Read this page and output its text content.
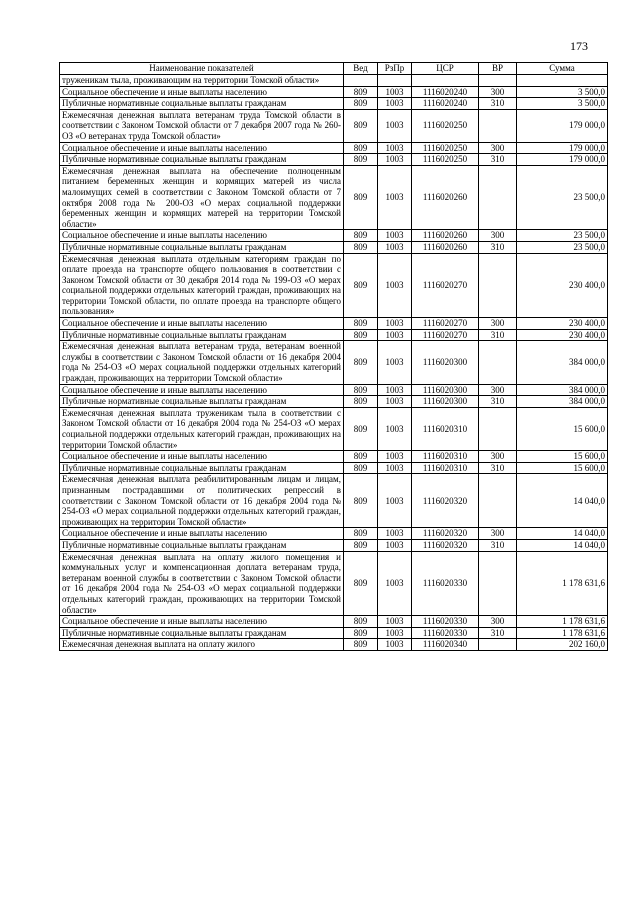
173
Наименование показателей	Вед	РзПр	ЦСР	ВР	Сумма
труженикам тыла, проживающим на территории Томской области»					
Социальное обеспечение и иные выплаты населению	809	1003	1116020240	300	3 500,0
Публичные нормативные социальные выплаты гражданам	809	1003	1116020240	310	3 500,0
Ежемесячная денежная выплата ветеранам труда Томской области в соответствии с Законом Томской области от 7 декабря 2007 года № 260-ОЗ «О ветеранах труда Томской области»	809	1003	1116020250		179 000,0
Социальное обеспечение и иные выплаты населению	809	1003	1116020250	300	179 000,0
Публичные нормативные социальные выплаты гражданам	809	1003	1116020250	310	179 000,0
Ежемесячная денежная выплата на обеспечение полноценным питанием беременных женщин и кормящих матерей из числа малоимущих семей в соответствии с Законом Томской области от 7 октября 2008 года № 200-ОЗ «О мерах социальной поддержки беременных женщин и кормящих матерей на территории Томской области»	809	1003	1116020260		23 500,0
Социальное обеспечение и иные выплаты населению	809	1003	1116020260	300	23 500,0
Публичные нормативные социальные выплаты гражданам	809	1003	1116020260	310	23 500,0
Ежемесячная денежная выплата отдельным категориям граждан по оплате проезда на транспорте общего пользования в соответствии с Законом Томской области от 30 декабря 2014 года № 199-ОЗ «О мерах социальной поддержки отдельных категорий граждан, проживающих на территории Томской области, по оплате проезда на транспорте общего пользования»	809	1003	1116020270		230 400,0
Социальное обеспечение и иные выплаты населению	809	1003	1116020270	300	230 400,0
Публичные нормативные социальные выплаты гражданам	809	1003	1116020270	310	230 400,0
Ежемесячная денежная выплата ветеранам труда, ветеранам военной службы в соответствии с Законом Томской области от 16 декабря 2004 года № 254-ОЗ «О мерах социальной поддержки отдельных категорий граждан, проживающих на территории Томской области»	809	1003	1116020300		384 000,0
Социальное обеспечение и иные выплаты населению	809	1003	1116020300	300	384 000,0
Публичные нормативные социальные выплаты гражданам	809	1003	1116020300	310	384 000,0
Ежемесячная денежная выплата труженикам тыла в соответствии с Законом Томской области от 16 декабря 2004 года № 254-ОЗ «О мерах социальной поддержки отдельных категорий граждан, проживающих на территории Томской области»	809	1003	1116020310		15 600,0
Социальное обеспечение и иные выплаты населению	809	1003	1116020310	300	15 600,0
Публичные нормативные социальные выплаты гражданам	809	1003	1116020310	310	15 600,0
Ежемесячная денежная выплата реабилитированным лицам и лицам, признанным пострадавшими от политических репрессий в соответствии с Законом Томской области от 16 декабря 2004 года № 254-ОЗ «О мерах социальной поддержки отдельных категорий граждан, проживающих на территории Томской области»	809	1003	1116020320		14 040,0
Социальное обеспечение и иные выплаты населению	809	1003	1116020320	300	14 040,0
Публичные нормативные социальные выплаты гражданам	809	1003	1116020320	310	14 040,0
Ежемесячная денежная выплата на оплату жилого помещения и коммунальных услуг и компенсационная доплата ветеранам труда, ветеранам военной службы в соответствии с Законом Томской области от 16 декабря 2004 года № 254-ОЗ «О мерах социальной поддержки отдельных категорий граждан, проживающих на территории Томской области»	809	1003	1116020330		1 178 631,6
Социальное обеспечение и иные выплаты населению	809	1003	1116020330	300	1 178 631,6
Публичные нормативные социальные выплаты гражданам	809	1003	1116020330	310	1 178 631,6
Ежемесячная денежная выплата на оплату жилого	809	1003	1116020340		202 160,0
